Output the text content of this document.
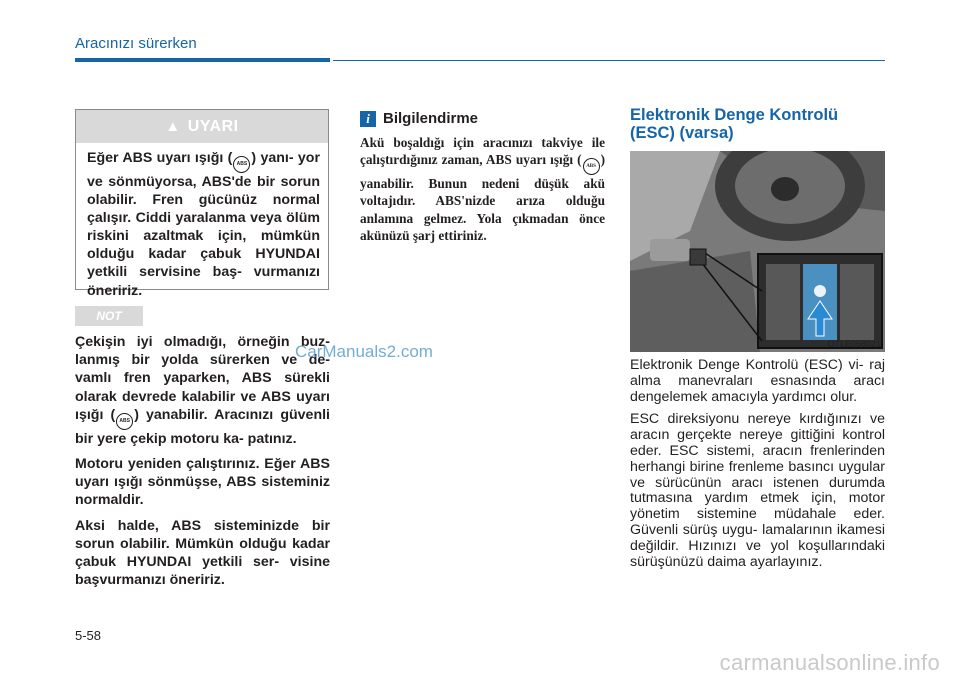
Aracınızı sürerken
▲ UYARI
Eğer ABS uyarı ışığı ( ABS ) yanı- yor ve sönmüyorsa, ABS'de bir sorun olabilir. Fren gücünüz normal çalışır. Ciddi yaralanma veya ölüm riskini azaltmak için, mümkün olduğu kadar çabuk HYUNDAI yetkili servisine baş- vurmanızı öneririz.
NOT

Çekişin iyi olmadığı, örneğin buz- lanmış bir yolda sürerken ve de- vamlı fren yaparken, ABS sürekli olarak devrede kalabilir ve ABS uyarı ışığı ( ABS ) yanabilir. Aracınızı güvenli bir yere çekip motoru ka- patınız.

Motoru yeniden çalıştırınız. Eğer ABS uyarı ışığı sönmüşse, ABS sisteminiz normaldir.

Aksi halde, ABS sisteminizde bir sorun olabilir. Mümkün olduğu kadar çabuk HYUNDAI yetkili ser- visine başvurmanızı öneririz.

CarManuals2.com
i Bilgilendirme
Akü boşaldığı için aracınızı takviye ile çalıştırdığınız zaman, ABS uyarı ışığı ( ABS ) yanabilir. Bunun nedeni düşük akü voltajıdır. ABS'nizde arıza olduğu anlamına gelmez. Yola çıkmadan önce akünüzü şarj ettiriniz.
Elektronik Denge Kontrolü (ESC) (varsa)
OTLE058021

Elektronik Denge Kontrolü (ESC) vi- raj alma manevraları esnasında aracı dengelemek amacıyla yardımcı olur.

ESC direksiyonu nereye kırdığınızı ve aracın gerçekte nereye gittiğini kontrol eder. ESC sistemi, aracın frenlerinden herhangi birine frenleme basıncı uygular ve sürücünün aracı istenen durumda tutmasına yardım etmek için, motor yönetim sistemine müdahale eder. Güvenli sürüş uygu- lamalarının ikamesi değildir. Hızınızı ve yol koşullarındaki sürüşünüzü daima ayarlayınız.

5-58
carmanualsonline.info
